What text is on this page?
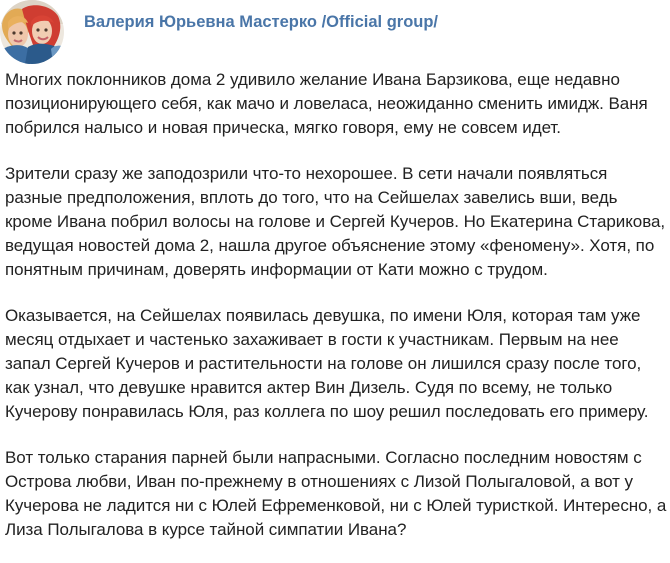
Валерия Юрьевна Мастерко /Official group/

Многих поклонников дома 2 удивило желание Ивана Барзикова, еще недавно позиционирующего себя, как мачо и ловеласа, неожиданно сменить имидж. Ваня побрился налысо и новая прическа, мягко говоря, ему не совсем идет.

Зрители сразу же заподозрили что-то нехорошее. В сети начали появляться разные предположения, вплоть до того, что на Сейшелах завелись вши, ведь кроме Ивана побрил волосы на голове и Сергей Кучеров. Но Екатерина Старикова, ведущая новостей дома 2, нашла другое объяснение этому «феномену». Хотя, по понятным причинам, доверять информации от Кати можно с трудом.

Оказывается, на Сейшелах появилась девушка, по имени Юля, которая там уже месяц отдыхает и частенько захаживает в гости к участникам. Первым на нее запал Сергей Кучеров и растительности на голове он лишился сразу после того, как узнал, что девушке нравится актер Вин Дизель. Судя по всему, не только Кучерову понравилась Юля, раз коллега по шоу решил последовать его примеру.

Вот только старания парней были напрасными. Согласно последним новостям с Острова любви, Иван по-прежнему в отношениях с Лизой Полыгаловой, а вот у Кучерова не ладится ни с Юлей Ефременковой, ни с Юлей туристкой. Интересно, а Лиза Полыгалова в курсе тайной симпатии Ивана?
